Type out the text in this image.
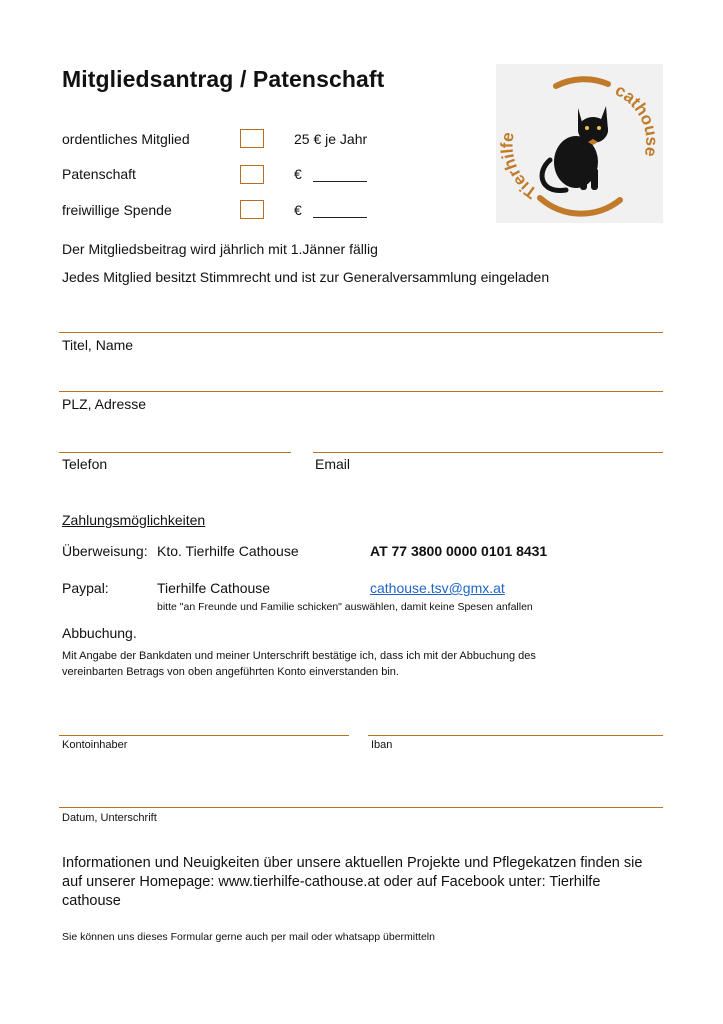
Mitgliedsantrag / Patenschaft
Tierhilfe
cathouse
ordentliches Mitglied	25 € je Jahr
Patenschaft	€
freiwillige Spende	€
Der Mitgliedsbeitrag wird jährlich mit 1.Jänner fällig
Jedes Mitglied besitzt Stimmrecht und ist zur Generalversammlung eingeladen
Titel, Name
PLZ, Adresse
Telefon	Email
Zahlungsmöglichkeiten
Überweisung: Kto. Tierhilfe Cathouse	AT 77 3800 0000 0101 8431
Paypal:	Tierhilfe Cathouse	cathouse.tsv@gmx.at
bitte "an Freunde und Familie schicken" auswählen, damit keine Spesen anfallen
Abbuchung.
Mit Angabe der Bankdaten und meiner Unterschrift bestätige ich, dass ich mit der Abbuchung des
vereinbarten Betrags von oben angeführten Konto einverstanden bin.
Kontoinhaber	Iban
Datum, Unterschrift
Informationen und Neuigkeiten über unsere aktuellen Projekte und Pflegekatzen finden sie
auf unserer Homepage: www.tierhilfe-cathouse.at oder auf Facebook unter: Tierhilfe
cathouse
Sie können uns dieses Formular gerne auch per mail oder whatsapp übermitteln
